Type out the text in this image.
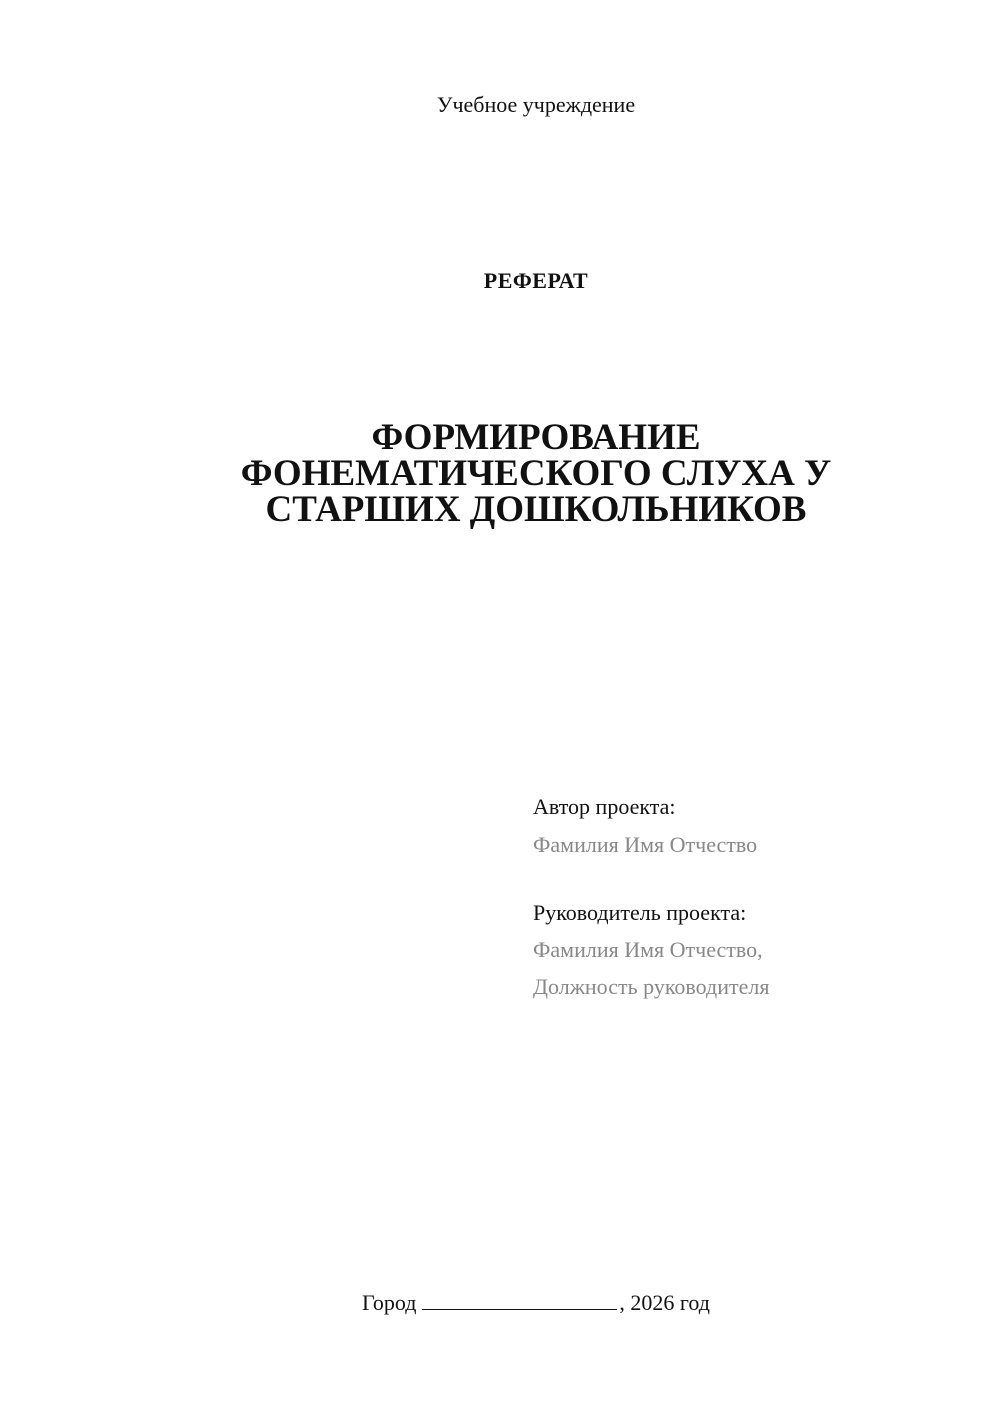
Учебное учреждение
РЕФЕРАТ
ФОРМИРОВАНИЕ
ФОНЕМАТИЧЕСКОГО СЛУХА У
СТАРШИХ ДОШКОЛЬНИКОВ
Автор проекта:
Фамилия Имя Отчество
Руководитель проекта:
Фамилия Имя Отчество,
Должность руководителя
Город	, 2026 год
